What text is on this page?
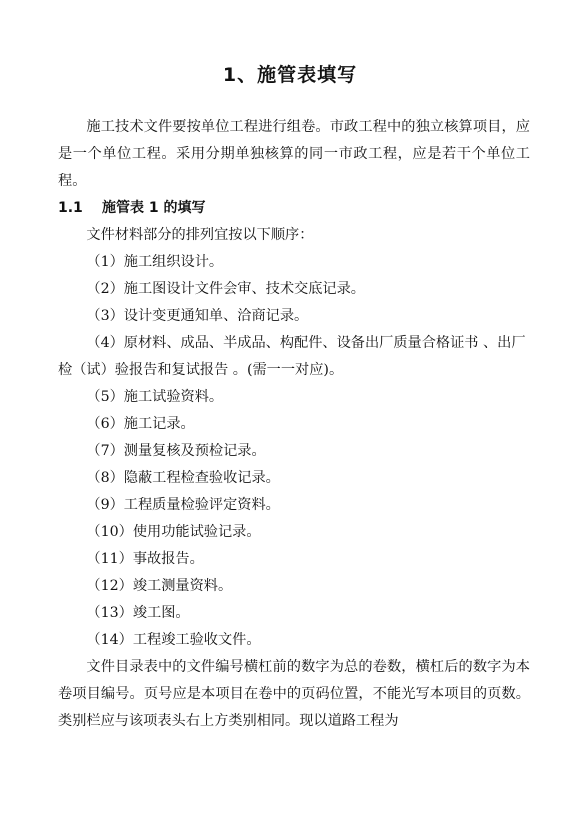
1、施管表填写

施工技术文件要按单位工程进行组卷。市政工程中的独立核算项目，应是一个单位工程。采用分期单独核算的同一市政工程，应是若干个单位工程。

1.1 施管表 1 的填写

文件材料部分的排列宜按以下顺序：

（1）施工组织设计。

（2）施工图设计文件会审、技术交底记录。

（3）设计变更通知单、洽商记录。

（4）原材料、成品、半成品、构配件、设备出厂质量合格证书 、出厂检（试）验报告和复试报告 。(需一一对应)。

（5）施工试验资料。

（6）施工记录。

（7）测量复核及预检记录。

（8）隐蔽工程检查验收记录。

（9）工程质量检验评定资料。

（10）使用功能试验记录。

（11）事故报告。

（12）竣工测量资料。

（13）竣工图。

（14）工程竣工验收文件。

文件目录表中的文件编号横杠前的数字为总的卷数，横杠后的数字为本卷项目编号。页号应是本项目在卷中的页码位置，不能光写本项目的页数。类别栏应与该项表头右上方类别相同。现以道路工程为
